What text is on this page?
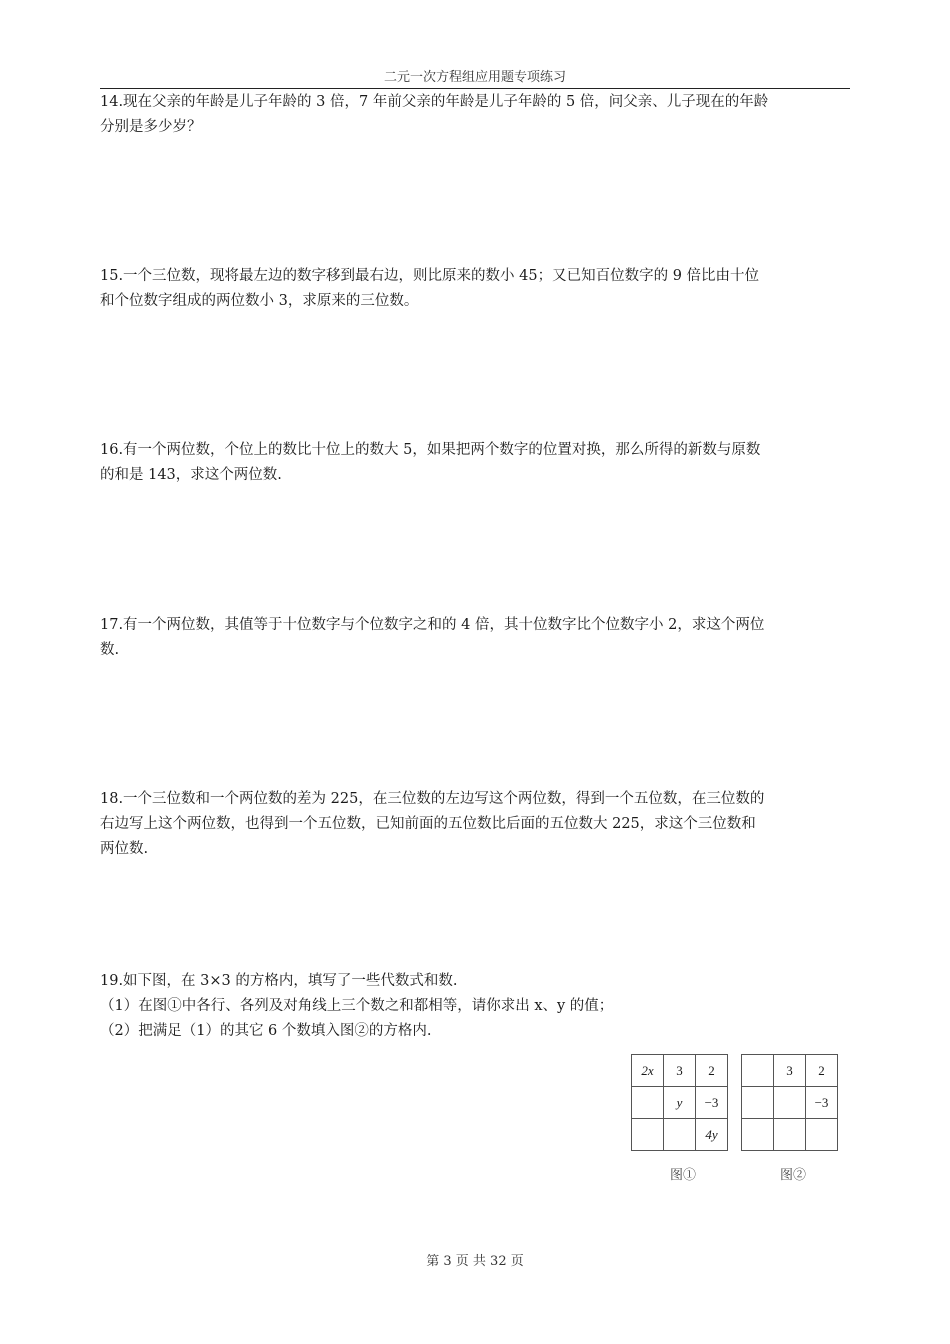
二元一次方程组应用题专项练习

14.现在父亲的年龄是儿子年龄的 3 倍，7 年前父亲的年龄是儿子年龄的 5 倍，问父亲、儿子现在的年龄

分别是多少岁？

15.一个三位数，现将最左边的数字移到最右边，则比原来的数小 45；又已知百位数字的 9 倍比由十位

和个位数字组成的两位数小 3，求原来的三位数。

16.有一个两位数，个位上的数比十位上的数大 5，如果把两个数字的位置对换，那么所得的新数与原数

的和是 143，求这个两位数.

17.有一个两位数，其值等于十位数字与个位数字之和的 4 倍，其十位数字比个位数字小 2，求这个两位

数.

18.一个三位数和一个两位数的差为 225，在三位数的左边写这个两位数，得到一个五位数，在三位数的

右边写上这个两位数，也得到一个五位数，已知前面的五位数比后面的五位数大 225，求这个三位数和

两位数.

19.如下图，在 3×3 的方格内，填写了一些代数式和数.

（1）在图①中各行、各列及对角线上三个数之和都相等，请你求出 x、y 的值；

（2）把满足（1）的其它 6 个数填入图②的方格内.

2x	3	2
	y	−3
		4y
图①
	3	2
		−3

图②
第 3 页 共 32 页
